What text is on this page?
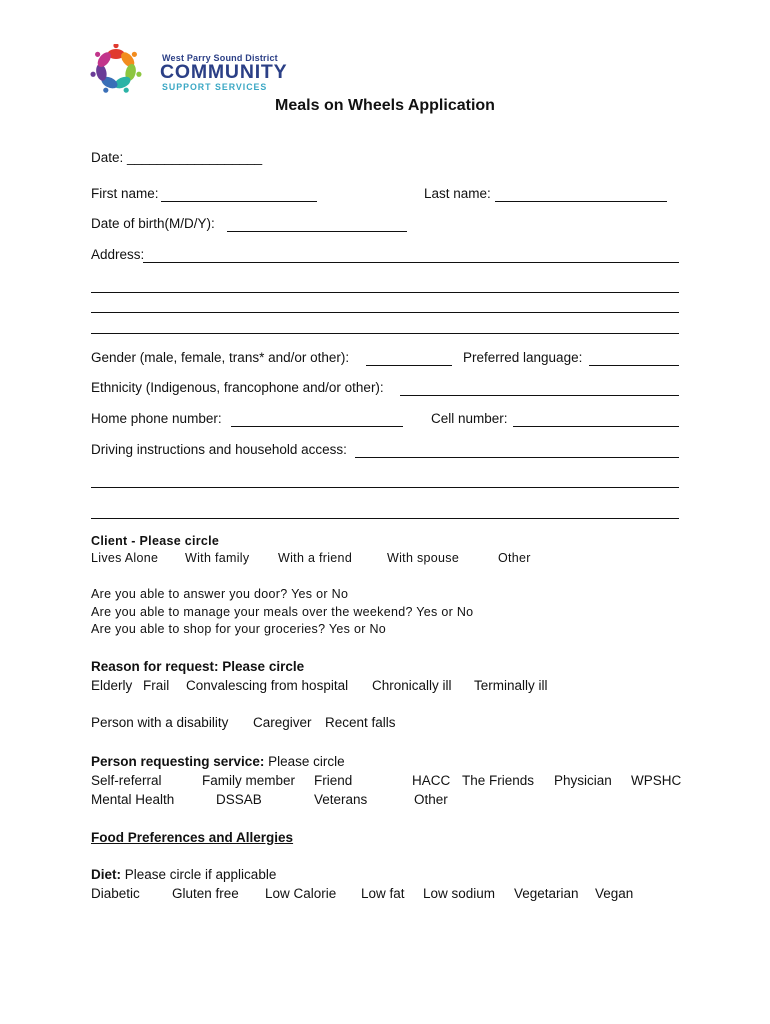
West Parry Sound District
COMMUNITY
SUPPORT SERVICES
Meals on Wheels Application
Date: __________________
First name:	Last name:
Date of birth(M/D/Y):
Address:
Gender (male, female, trans* and/or other):	Preferred language:
Ethnicity (Indigenous, francophone and/or other):
Home phone number:	Cell number:
Driving instructions and household access:
Client - Please circle
Lives Alone With family With a friend	With spouse	Other
Are you able to answer you door? Yes or No
Are you able to manage your meals over the weekend? Yes or No
Are you able to shop for your groceries? Yes or No
Reason for request: Please circle
Elderly Frail Convalescing from hospital Chronically ill Terminally ill
Person with a disability Caregiver Recent falls
Person requesting service: Please circle
Self-referral	Family member Friend	HACC The Friends Physician WPSHC
Mental Health	DSSAB	Veterans	Other
Food Preferences and Allergies
Diet: Please circle if applicable
Diabetic Gluten free Low Calorie Low fat Low sodium Vegetarian Vegan
